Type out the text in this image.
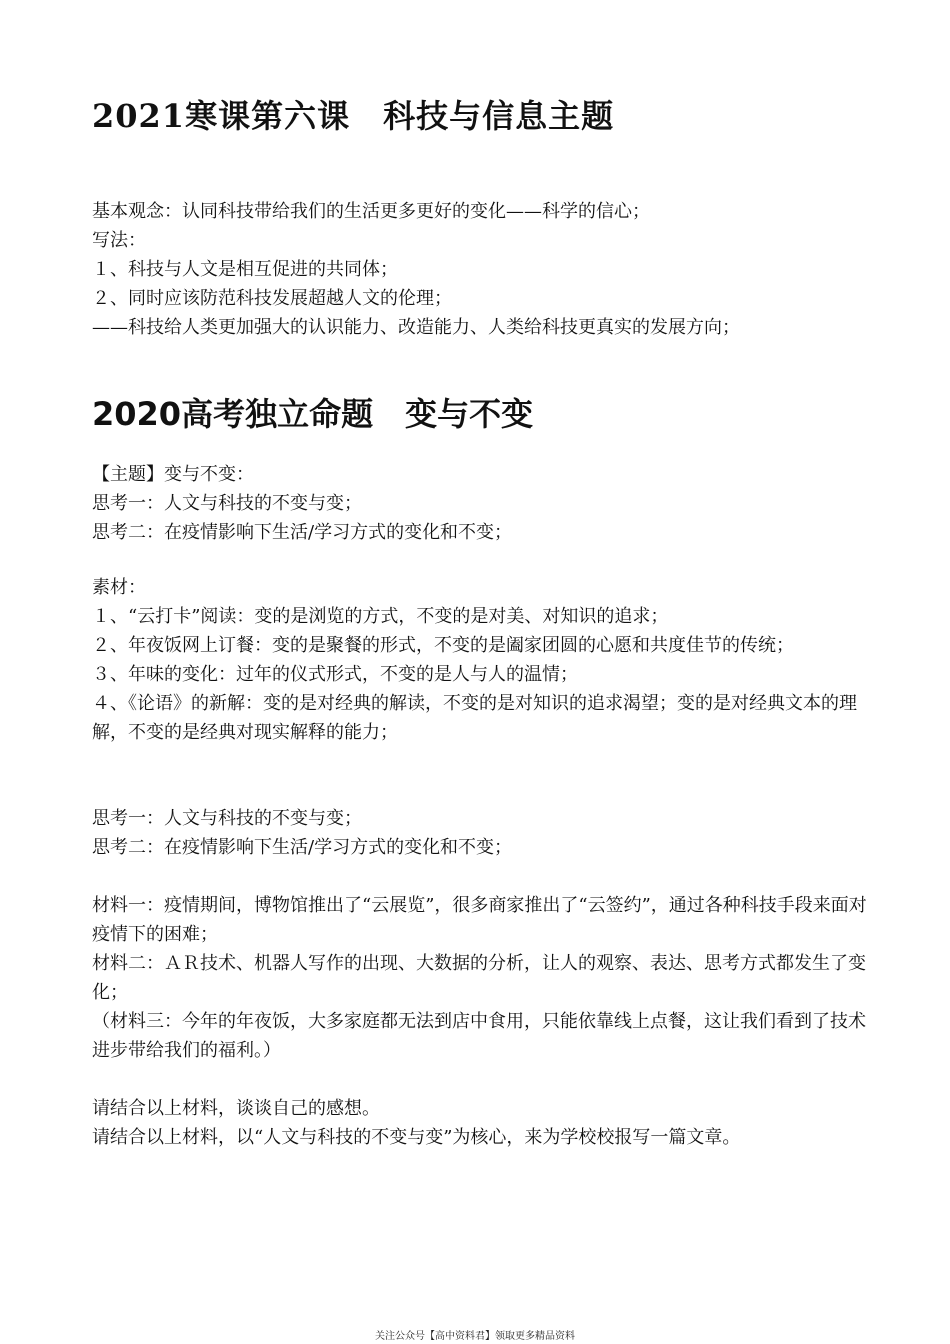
2021寒课第六课　科技与信息主题

基本观念：认同科技带给我们的生活更多更好的变化——科学的信心；

写法：

１、科技与人文是相互促进的共同体；

２、同时应该防范科技发展超越人文的伦理；

——科技给人类更加强大的认识能力、改造能力、人类给科技更真实的发展方向；

2020高考独立命题　变与不变

【主题】变与不变：

思考一：人文与科技的不变与变；

思考二：在疫情影响下生活/学习方式的变化和不变；

素材：

１、“云打卡”阅读：变的是浏览的方式，不变的是对美、对知识的追求；

２、年夜饭网上订餐：变的是聚餐的形式，不变的是阖家团圆的心愿和共度佳节的传统；

３、年味的变化：过年的仪式形式，不变的是人与人的温情；

４、《论语》的新解：变的是对经典的解读，不变的是对知识的追求渴望；变的是对经典文本的理解，不变的是经典对现实解释的能力；

思考一：人文与科技的不变与变；

思考二：在疫情影响下生活/学习方式的变化和不变；

材料一：疫情期间，博物馆推出了“云展览”，很多商家推出了“云签约”，通过各种科技手段来面对疫情下的困难；

材料二：ＡＲ技术、机器人写作的出现、大数据的分析，让人的观察、表达、思考方式都发生了变化；

（材料三：今年的年夜饭，大多家庭都无法到店中食用，只能依靠线上点餐，这让我们看到了技术进步带给我们的福利。）

请结合以上材料，谈谈自己的感想。

请结合以上材料，以“人文与科技的不变与变”为核心，来为学校校报写一篇文章。

关注公众号【高中资料君】领取更多精品资料
